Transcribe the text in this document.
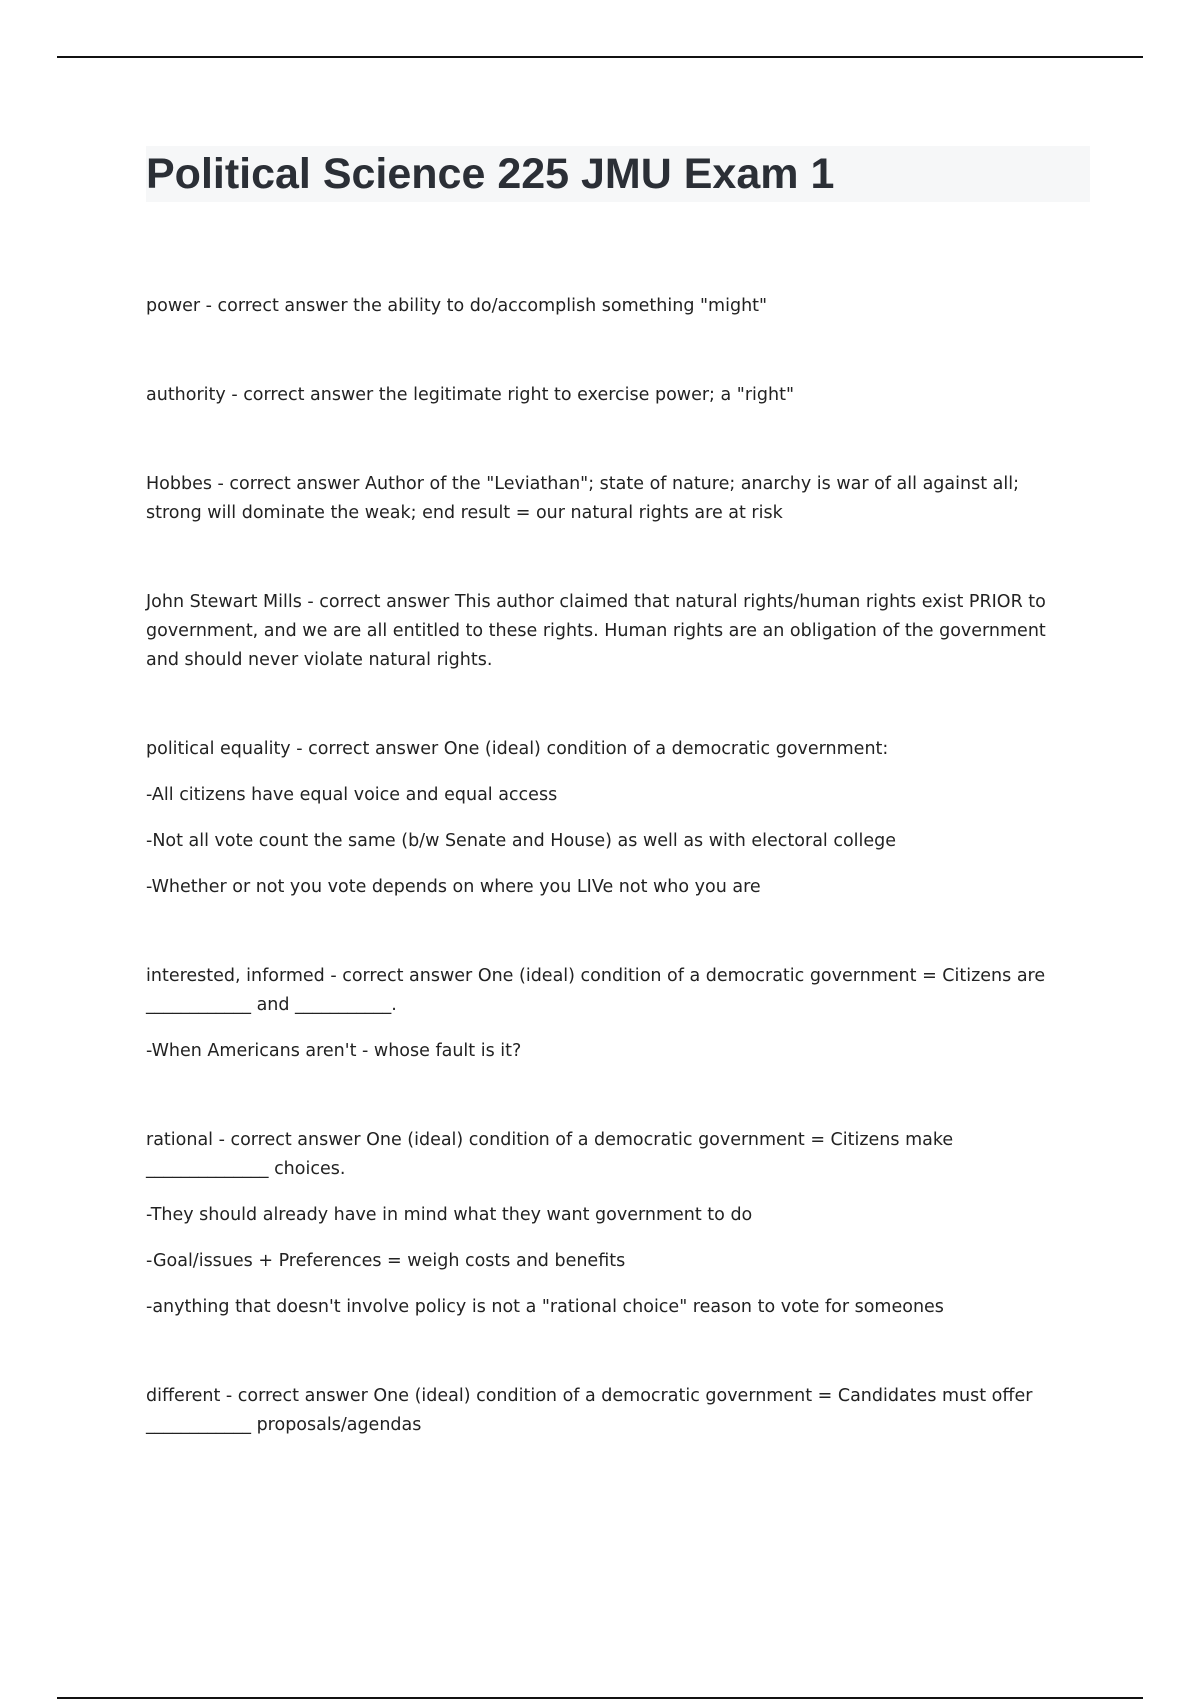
Political Science 225 JMU Exam 1

power - correct answer the ability to do/accomplish something "might"

authority - correct answer the legitimate right to exercise power; a "right"

Hobbes - correct answer Author of the "Leviathan"; state of nature; anarchy is war of all against all; strong will dominate the weak; end result = our natural rights are at risk

John Stewart Mills - correct answer This author claimed that natural rights/human rights exist PRIOR to government, and we are all entitled to these rights. Human rights are an obligation of the government and should never violate natural rights.

political equality - correct answer One (ideal) condition of a democratic government:

-All citizens have equal voice and equal access

-Not all vote count the same (b/w Senate and House) as well as with electoral college

-Whether or not you vote depends on where you LIVe not who you are

interested, informed - correct answer One (ideal) condition of a democratic government = Citizens are ____________ and ___________.

-When Americans aren't - whose fault is it?

rational - correct answer One (ideal) condition of a democratic government = Citizens make ______________ choices.

-They should already have in mind what they want government to do

-Goal/issues + Preferences = weigh costs and benefits

-anything that doesn't involve policy is not a "rational choice" reason to vote for someones

different - correct answer One (ideal) condition of a democratic government = Candidates must offer ____________ proposals/agendas
